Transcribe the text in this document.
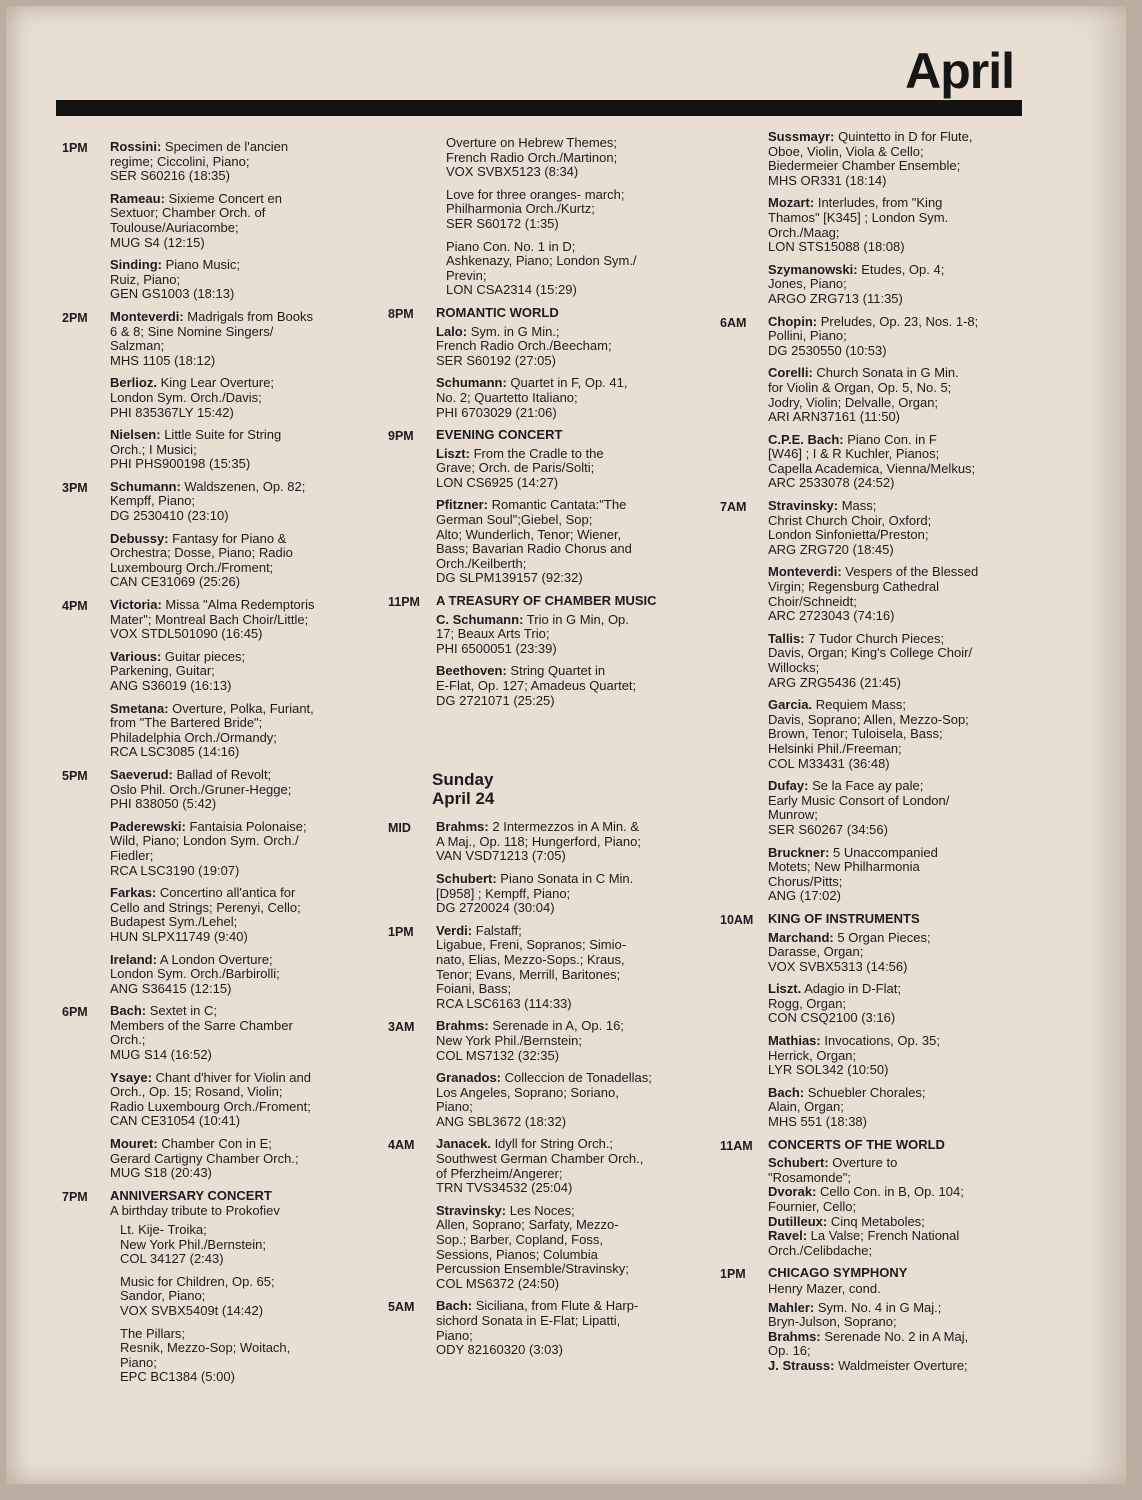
April
1PM	Rossini: Specimen de l'ancien
regime; Ciccolini, Piano;
SER S60216 (18:35)
Rameau: Sixieme Concert en
Sextuor; Chamber Orch. of
Toulouse/Auriacombe;
MUG S4 (12:15)
Sinding: Piano Music;
Ruiz, Piano;
GEN GS1003 (18:13)
2PM	Monteverdi: Madrigals from Books
6 & 8; Sine Nomine Singers/
Salzman;
MHS 1105 (18:12)
Berlioz. King Lear Overture;
London Sym. Orch./Davis;
PHI 835367LY 15:42)
Nielsen: Little Suite for String
Orch.; I Musici;
PHI PHS900198 (15:35)
3PM	Schumann: Waldszenen, Op. 82;
Kempff, Piano;
DG 2530410 (23:10)
Debussy: Fantasy for Piano &
Orchestra; Dosse, Piano; Radio
Luxembourg Orch./Froment;
CAN CE31069 (25:26)
4PM	Victoria: Missa "Alma Redemptoris
Mater"; Montreal Bach Choir/Little;
VOX STDL501090 (16:45)
Various: Guitar pieces;
Parkening, Guitar;
ANG S36019 (16:13)
Smetana: Overture, Polka, Furiant,
from "The Bartered Bride";
Philadelphia Orch./Ormandy;
RCA LSC3085 (14:16)
5PM	Saeverud: Ballad of Revolt;
Oslo Phil. Orch./Gruner-Hegge;
PHI 838050 (5:42)
Paderewski: Fantaisia Polonaise;
Wild, Piano; London Sym. Orch./
Fiedler;
RCA LSC3190 (19:07)
Farkas: Concertino all'antica for
Cello and Strings; Perenyi, Cello;
Budapest Sym./Lehel;
HUN SLPX11749 (9:40)
Ireland: A London Overture;
London Sym. Orch./Barbirolli;
ANG S36415 (12:15)
6PM	Bach: Sextet in C;
Members of the Sarre Chamber
Orch.;
MUG S14 (16:52)
Ysaye: Chant d'hiver for Violin and
Orch., Op. 15; Rosand, Violin;
Radio Luxembourg Orch./Froment;
CAN CE31054 (10:41)
Mouret: Chamber Con in E;
Gerard Cartigny Chamber Orch.;
MUG S18 (20:43)
7PM	ANNIVERSARY CONCERT
A birthday tribute to Prokofiev
Lt. Kije- Troika;
New York Phil./Bernstein;
COL 34127 (2:43)
Music for Children, Op. 65;
Sandor, Piano;
VOX SVBX5409t (14:42)
The Pillars;
Resnik, Mezzo-Sop; Woitach,
Piano;
EPC BC1384 (5:00)
Overture on Hebrew Themes;
French Radio Orch./Martinon;
VOX SVBX5123 (8:34)
Love for three oranges- march;
Philharmonia Orch./Kurtz;
SER S60172 (1:35)
Piano Con. No. 1 in D;
Ashkenazy, Piano; London Sym./
Previn;
LON CSA2314 (15:29)
8PM	ROMANTIC WORLD
Lalo: Sym. in G Min.;
French Radio Orch./Beecham;
SER S60192 (27:05)
Schumann: Quartet in F, Op. 41,
No. 2; Quartetto Italiano;
PHI 6703029 (21:06)
9PM	EVENING CONCERT
Liszt: From the Cradle to the
Grave; Orch. de Paris/Solti;
LON CS6925 (14:27)
Pfitzner: Romantic Cantata:"The
German Soul";Giebel, Sop;
Alto; Wunderlich, Tenor; Wiener,
Bass; Bavarian Radio Chorus and
Orch./Keilberth;
DG SLPM139157 (92:32)
11PM	A TREASURY OF CHAMBER MUSIC
C. Schumann: Trio in G Min, Op.
17; Beaux Arts Trio;
PHI 6500051 (23:39)
Beethoven: String Quartet in
E-Flat, Op. 127; Amadeus Quartet;
DG 2721071 (25:25)
Sunday
April 24
MID	Brahms: 2 Intermezzos in A Min. &
A Maj., Op. 118; Hungerford, Piano;
VAN VSD71213 (7:05)
Schubert: Piano Sonata in C Min.
[D958] ; Kempff, Piano;
DG 2720024 (30:04)
1PM	Verdi: Falstaff;
Ligabue, Freni, Sopranos; Simio-
nato, Elias, Mezzo-Sops.; Kraus,
Tenor; Evans, Merrill, Baritones;
Foiani, Bass;
RCA LSC6163 (114:33)
3AM	Brahms: Serenade in A, Op. 16;
New York Phil./Bernstein;
COL MS7132 (32:35)
Granados: Colleccion de Tonadellas;
Los Angeles, Soprano; Soriano,
Piano;
ANG SBL3672 (18:32)
4AM	Janacek. Idyll for String Orch.;
Southwest German Chamber Orch.,
of Pferzheim/Angerer;
TRN TVS34532 (25:04)
Stravinsky: Les Noces;
Allen, Soprano; Sarfaty, Mezzo-
Sop.; Barber, Copland, Foss,
Sessions, Pianos; Columbia
Percussion Ensemble/Stravinsky;
COL MS6372 (24:50)
5AM	Bach: Siciliana, from Flute & Harp-
sichord Sonata in E-Flat; Lipatti,
Piano;
ODY 82160320 (3:03)
Sussmayr: Quintetto in D for Flute,
Oboe, Violin, Viola & Cello;
Biedermeier Chamber Ensemble;
MHS OR331 (18:14)
Mozart: Interludes, from "King
Thamos" [K345] ; London Sym.
Orch./Maag;
LON STS15088 (18:08)
Szymanowski: Etudes, Op. 4;
Jones, Piano;
ARGO ZRG713 (11:35)
6AM	Chopin: Preludes, Op. 23, Nos. 1-8;
Pollini, Piano;
DG 2530550 (10:53)
Corelli: Church Sonata in G Min.
for Violin & Organ, Op. 5, No. 5;
Jodry, Violin; Delvalle, Organ;
ARI ARN37161 (11:50)
C.P.E. Bach: Piano Con. in F
[W46] ; I & R Kuchler, Pianos;
Capella Academica, Vienna/Melkus;
ARC 2533078 (24:52)
7AM	Stravinsky: Mass;
Christ Church Choir, Oxford;
London Sinfonietta/Preston;
ARG ZRG720 (18:45)
Monteverdi: Vespers of the Blessed
Virgin; Regensburg Cathedral
Choir/Schneidt;
ARC 2723043 (74:16)
Tallis: 7 Tudor Church Pieces;
Davis, Organ; King's College Choir/
Willocks;
ARG ZRG5436 (21:45)
Garcia. Requiem Mass;
Davis, Soprano; Allen, Mezzo-Sop;
Brown, Tenor; Tuloisela, Bass;
Helsinki Phil./Freeman;
COL M33431 (36:48)
Dufay: Se la Face ay pale;
Early Music Consort of London/
Munrow;
SER S60267 (34:56)
Bruckner: 5 Unaccompanied
Motets; New Philharmonia
Chorus/Pitts;
ANG (17:02)
10AM	KING OF INSTRUMENTS
Marchand: 5 Organ Pieces;
Darasse, Organ;
VOX SVBX5313 (14:56)
Liszt. Adagio in D-Flat;
Rogg, Organ;
CON CSQ2100 (3:16)
Mathias: Invocations, Op. 35;
Herrick, Organ;
LYR SOL342 (10:50)
Bach: Schuebler Chorales;
Alain, Organ;
MHS 551 (18:38)
11AM	CONCERTS OF THE WORLD
Schubert: Overture to
"Rosamonde";
Dvorak: Cello Con. in B, Op. 104;
Fournier, Cello;
Dutilleux: Cinq Metaboles;
Ravel: La Valse; French National
Orch./Celibdache;
1PM	CHICAGO SYMPHONY
Henry Mazer, cond.
Mahler: Sym. No. 4 in G Maj.;
Bryn-Julson, Soprano;
Brahms: Serenade No. 2 in A Maj,
Op. 16;
J. Strauss: Waldmeister Overture;
